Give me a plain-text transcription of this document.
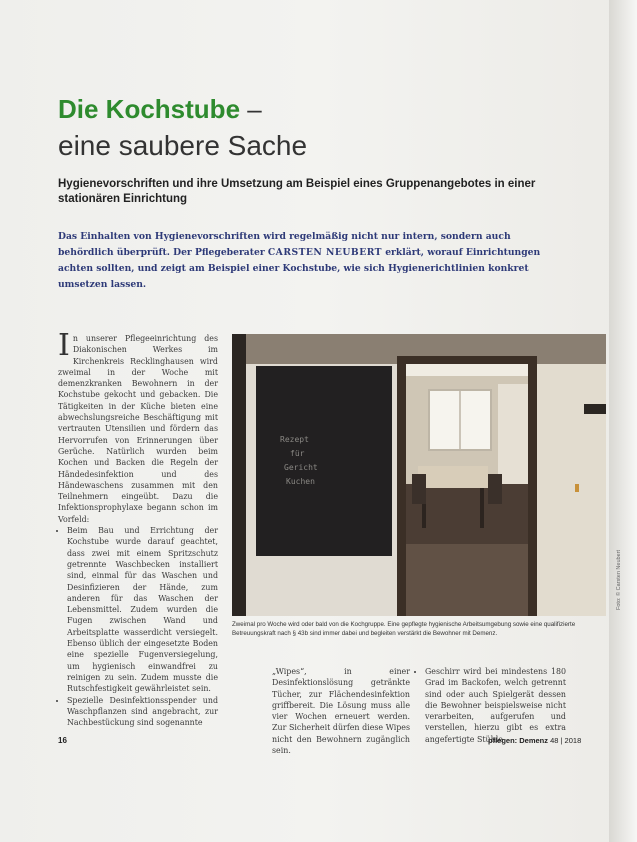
Die Kochstube –
eine saubere Sache
Hygienevorschriften und ihre Umsetzung am Beispiel eines Gruppenangebotes in einer stationären Einrichtung
Das Einhalten von Hygienevorschriften wird regelmäßig nicht nur intern, sondern auch behördlich überprüft. Der Pflegeberater CARSTEN NEUBERT erklärt, worauf Einrichtungen achten sollten, und zeigt am Beispiel einer Kochstube, wie sich Hygienerichtlinien konkret umsetzen lassen.
In unserer Pflegeeinrichtung des Diakonischen Werkes im Kirchenkreis Recklinghausen wird zweimal in der Woche mit demenzkranken Bewohnern in der Kochstube gekocht und gebacken. Die Tätigkeiten in der Küche bieten eine abwechslungsreiche Beschäftigung mit vertrauten Utensilien und fördern das Hervorrufen von Erinnerungen über Gerüche. Natürlich wurden beim Kochen und Backen die Regeln der Händedesinfektion und des Händewaschens zusammen mit den Teilnehmern eingeübt. Dazu die Infektionsprophylaxe begann schon im Vorfeld:
• Beim Bau und Errichtung der Kochstube wurde darauf geachtet, dass zwei mit einem Spritzschutz getrennte Waschbecken installiert sind, einmal für das Waschen und Desinfizieren der Hände, zum anderen für das Waschen der Lebensmittel. Zudem wurden die Fugen zwischen Wand und Arbeitsplatte wasserdicht versiegelt. Ebenso üblich der eingesetzte Boden eine spezielle Fugenversiegelung, um hygienisch einwandfrei zu reinigen zu sein. Zudem musste die Rutschfestigkeit gewährleistet sein.
• Spezielle Desinfektionsspender und Waschpflanzen sind angebracht, zur Nachbestückung sind sogenannte
Rezept
für
Gericht
Kuchen
Zweimal pro Woche wird oder bald von die Kochgruppe. Eine gepflegte hygienische Arbeitsumgebung sowie eine qualifizierte Betreuungskraft nach § 43b sind immer dabei und begleiten verstärkt die Bewohner mit Demenz.
„Wipes“, in einer Desinfektionslösung getränkte Tücher, zur Flächendesinfektion griffbereit. Die Lösung muss alle vier Wochen erneuert werden. Zur Sicherheit dürfen diese Wipes nicht den Bewohnern zugänglich sein.
• Geschirr wird bei mindestens 180 Grad im Backofen, welch getrennt sind oder auch Spielgerät dessen die Bewohner beispielsweise nicht verarbeiten, aufgerufen und verstellen, hierzu gibt es extra angefertigte Stühle
16	pflegen: Demenz 48 | 2018
Foto: © Carsten Neubert
